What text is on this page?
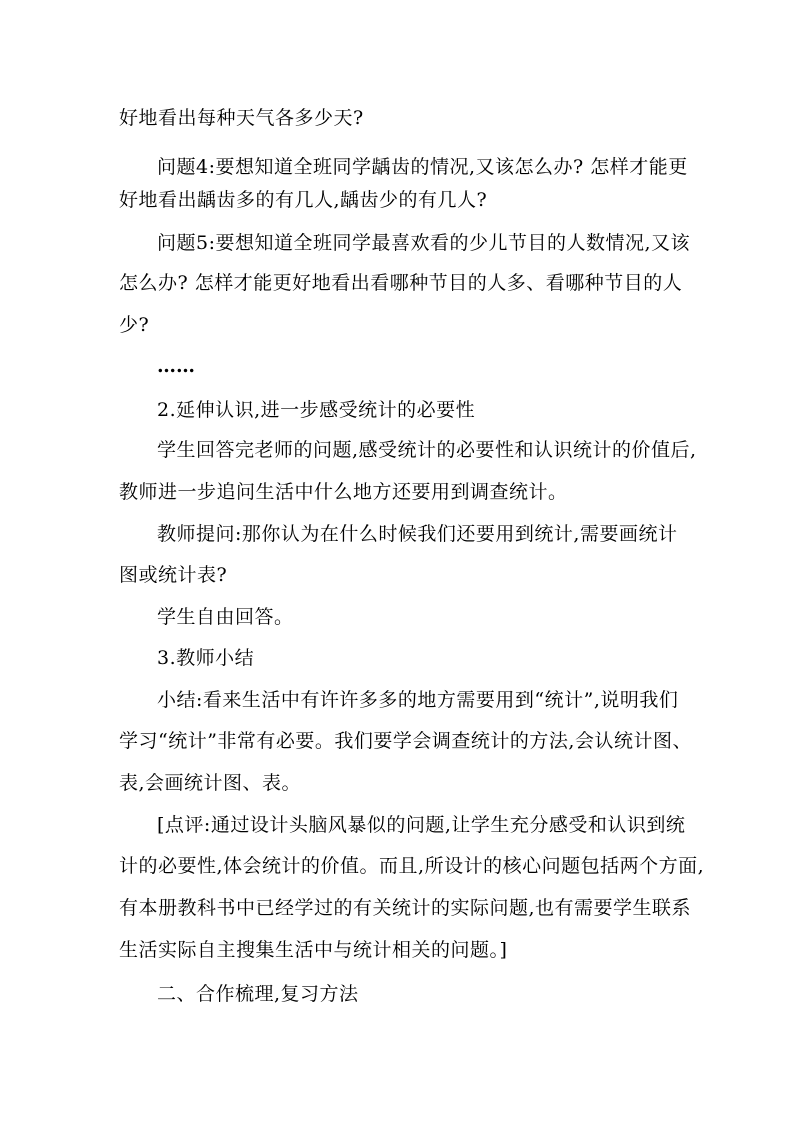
好地看出每种天气各多少天?
问题4:要想知道全班同学龋齿的情况,又该怎么办? 怎样才能更
好地看出龋齿多的有几人,龋齿少的有几人?
问题5:要想知道全班同学最喜欢看的少儿节目的人数情况,又该
怎么办? 怎样才能更好地看出看哪种节目的人多、看哪种节目的人
少?
……
2.延伸认识,进一步感受统计的必要性
学生回答完老师的问题,感受统计的必要性和认识统计的价值后,
教师进一步追问生活中什么地方还要用到调查统计。
教师提问:那你认为在什么时候我们还要用到统计,需要画统计
图或统计表?
学生自由回答。
3.教师小结
小结:看来生活中有许许多多的地方需要用到“统计”,说明我们
学习“统计”非常有必要。我们要学会调查统计的方法,会认统计图、
表,会画统计图、表。
[点评:通过设计头脑风暴似的问题,让学生充分感受和认识到统
计的必要性,体会统计的价值。而且,所设计的核心问题包括两个方面,
有本册教科书中已经学过的有关统计的实际问题,也有需要学生联系
生活实际自主搜集生活中与统计相关的问题。]
二、合作梳理,复习方法
